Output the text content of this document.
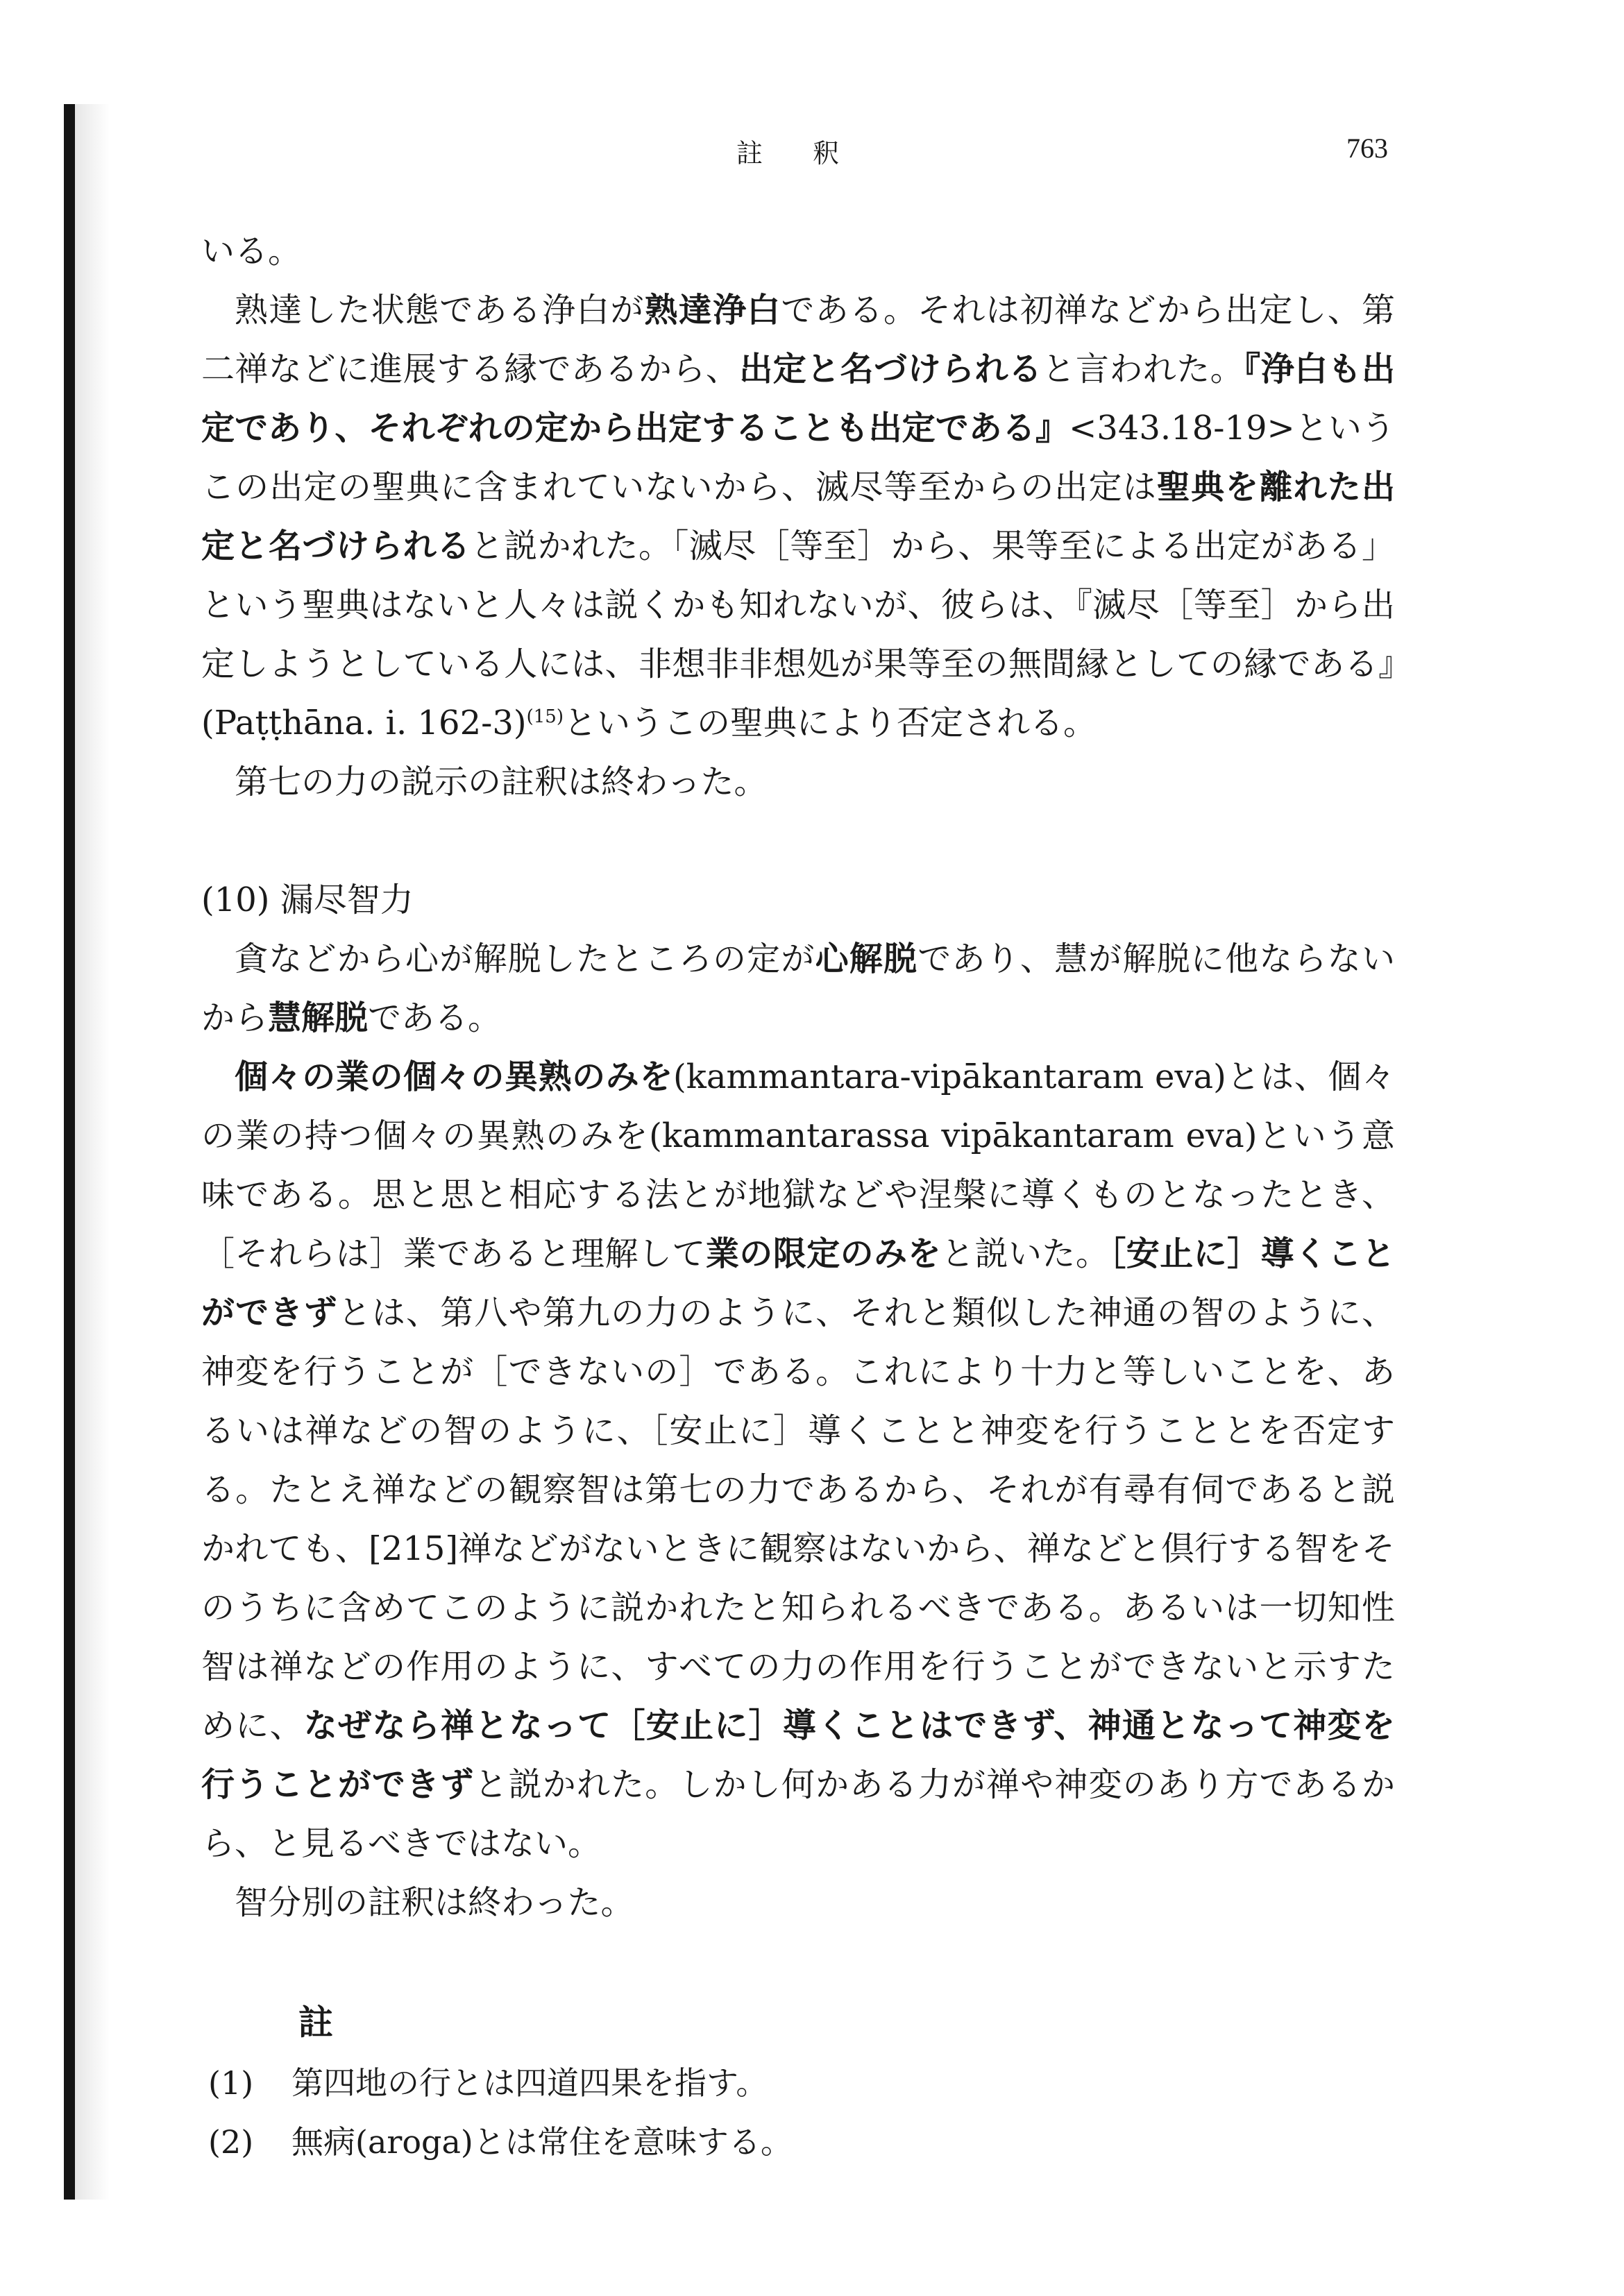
註 釈	763

いる。

熟達した状態である浄白が熟達浄白である。それは初禅などから出定し、第二禅などに進展する縁であるから、出定と名づけられると言われた。『浄白も出定であり、それぞれの定から出定することも出定である』<343.18-19>というこの出定の聖典に含まれていないから、滅尽等至からの出定は聖典を離れた出定と名づけられると説かれた。「滅尽［等至］から、果等至による出定がある」という聖典はないと人々は説くかも知れないが、彼らは、『滅尽［等至］から出定しようとしている人には、非想非非想処が果等至の無間縁としての縁である』(Paṭṭhāna. i. 162-3)$^{(15)}$というこの聖典により否定される。

第七の力の説示の註釈は終わった。

(10) 漏尽智力

貪などから心が解脱したところの定が心解脱であり、慧が解脱に他ならないから慧解脱である。

個々の業の個々の異熟のみを(kammantara-vipākantaram eva)とは、個々の業の持つ個々の異熟のみを(kammantarassa vipākantaram eva)という意味である。思と思と相応する法とが地獄などや涅槃に導くものとなったとき、［それらは］業であると理解して業の限定のみをと説いた。［安止に］導くことができずとは、第八や第九の力のように、それと類似した神通の智のように、神変を行うことが［できないの］である。これにより十力と等しいことを、あるいは禅などの智のように、［安止に］導くことと神変を行うこととを否定する。たとえ禅などの観察智は第七の力であるから、それが有尋有伺であると説かれても、[215]禅などがないときに観察はないから、禅などと倶行する智をそのうちに含めてこのように説かれたと知られるべきである。あるいは一切知性智は禅などの作用のように、すべての力の作用を行うことができないと示すために、なぜなら禅となって［安止に］導くことはできず、神通となって神変を行うことができずと説かれた。しかし何かある力が禅や神変のあり方であるから、と見るべきではない。

智分別の註釈は終わった。

註

(1) 第四地の行とは四道四果を指す。

(2) 無病(aroga)とは常住を意味する。
